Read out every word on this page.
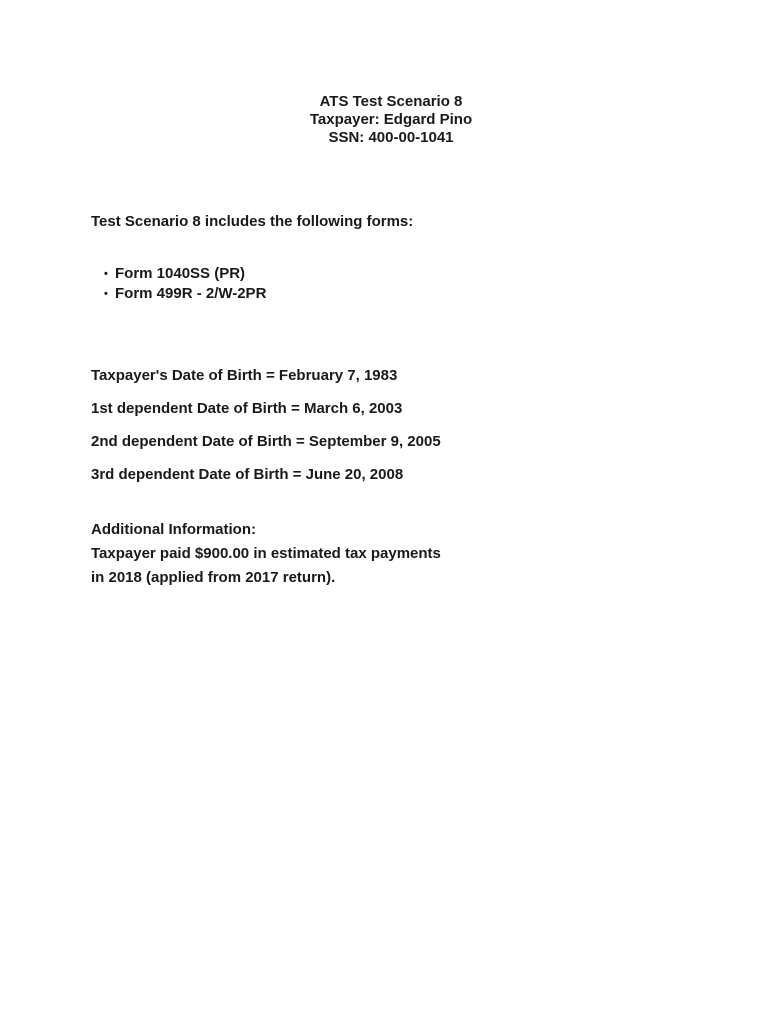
ATS Test Scenario 8
Taxpayer: Edgard Pino
SSN: 400-00-1041
Test Scenario 8 includes the following forms:
• Form 1040SS (PR)
• Form 499R - 2/W-2PR
Taxpayer's Date of Birth = February 7, 1983
1st dependent Date of Birth = March 6, 2003
2nd dependent Date of Birth = September 9, 2005
3rd dependent Date of Birth = June 20, 2008
Additional Information:
Taxpayer paid $900.00 in estimated tax payments
in 2018 (applied from 2017 return).
